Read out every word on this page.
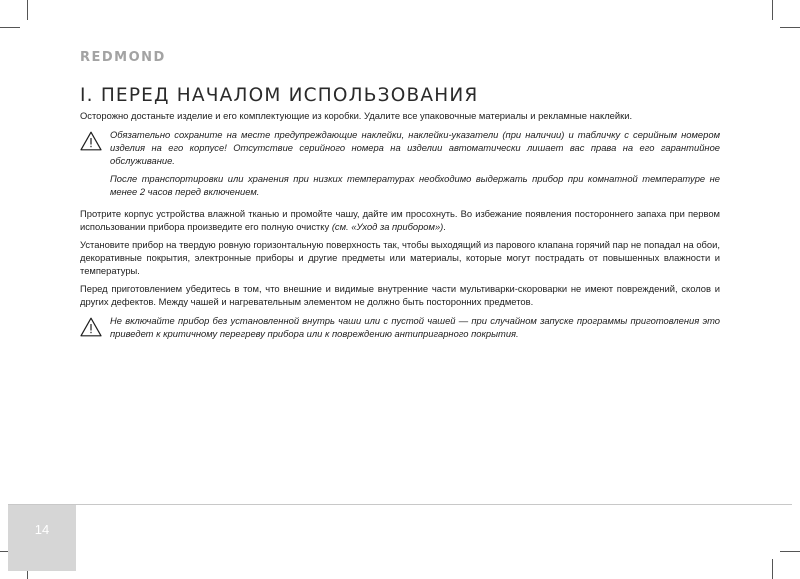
REDMOND
I. ПЕРЕД НАЧАЛОМ ИСПОЛЬЗОВАНИЯ

Осторожно достаньте изделие и его комплектующие из коробки. Удалите все упаковочные материалы и рекламные наклейки.

Обязательно сохраните на месте предупреждающие наклейки, наклейки-указатели (при наличии) и табличку с серийным номером изделия на его корпусе! Отсутствие серийного номера на изделии автоматически лишает вас права на его гарантийное обслуживание.

После транспортировки или хранения при низких температурах необходимо выдержать прибор при комнатной температуре не менее 2 часов перед включением.

Протрите корпус устройства влажной тканью и промойте чашу, дайте им просохнуть. Во избежание появления постороннего запаха при первом использовании прибора произведите его полную очистку (см. «Уход за прибором»).

Установите прибор на твердую ровную горизонтальную поверхность так, чтобы выходящий из парового клапана горячий пар не попадал на обои, декоративные покрытия, электронные приборы и другие предметы или материалы, которые могут пострадать от повышенных влажности и температуры.

Перед приготовлением убедитесь в том, что внешние и видимые внутренние части мультиварки-скороварки не имеют повреждений, сколов и других дефектов. Между чашей и нагревательным элементом не должно быть посторонних предметов.

Не включайте прибор без установленной внутрь чаши или с пустой чашей — при случайном запуске программы приготовления это приведет к критичному перегреву прибора или к повреждению антипригарного покрытия.

14
